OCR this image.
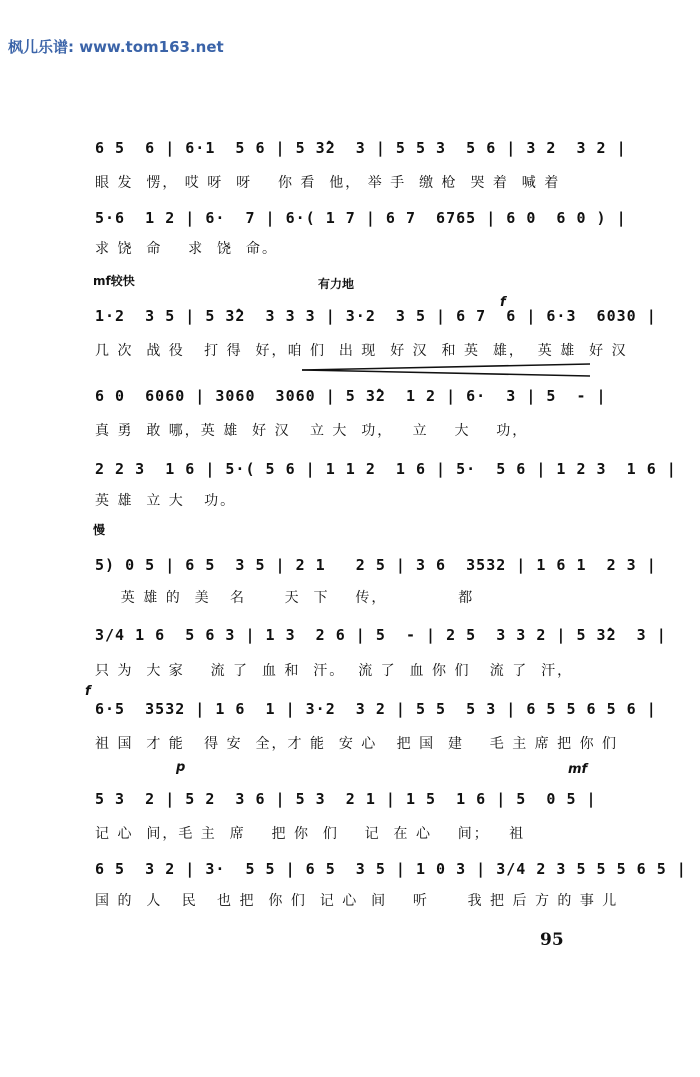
枫儿乐谱: www.tom163.net
6 5  6 | 6·1  5 6 | 5 3̂2  3 | 5 5 3  5 6 | 3 2  3 2 |
眼 发  愣， 哎 呀  呀    你 看  他， 举 手  缴 枪  哭 着  喊 着
5·6  1 2 | 6·  7 | 6·( 1 7 | 6 7  6765 | 6 0  6 0 ) |
求 饶  命    求  饶  命。
mf较快	有力地
f
1·2  3 5 | 5 3̂2  3 3 3 | 3·2  3 5 | 6 7  6 | 6·3  6030 |
几 次  战 役   打 得  好，咱 们  出 现  好 汉  和 英  雄，  英 雄  好 汉
6 0  6060 | 3060  3060 | 5 3̂2  1 2 | 6·  3 | 5  - |
真 勇  敢 哪，英 雄  好 汉   立 大  功，   立    大    功，
2 2 3  1 6 | 5·( 5 6 | 1 1 2  1 6 | 5·  5 6 | 1 2 3  1 6 |
英 雄  立 大   功。
慢
5) 0 5 | 6 5  3 5 | 2 1   2 5 | 3 6  3532 | 1 6 1  2 3 |
英 雄 的  美   名      天  下    传，           都
3/4 1 6  5 6 3 | 1 3  2 6 | 5  - | 2 5  3 3 2 | 5 3̂2  3 |
只 为  大 家    流 了  血 和  汗。  流 了  血 你 们   流 了  汗，
f
6·5  3532 | 1 6  1 | 3·2  3 2 | 5 5  5 3 | 6 5 5 6 5 6 |
祖 国  才 能   得 安  全，才 能  安 心   把 国  建    毛 主 席 把 你 们
p	mf
5 3  2 | 5 2  3 6 | 5 3  2 1 | 1 5  1 6 | 5  0 5 |
记 心  间，毛 主  席    把 你  们    记  在 心    间；   祖
6 5  3 2 | 3·  5 5 | 6 5  3 5 | 1 0 3 | 3/4 2 3 5 5 5 6 5 |
国 的  人   民   也 把  你 们  记 心  间    听      我 把 后 方 的 事 儿
95
